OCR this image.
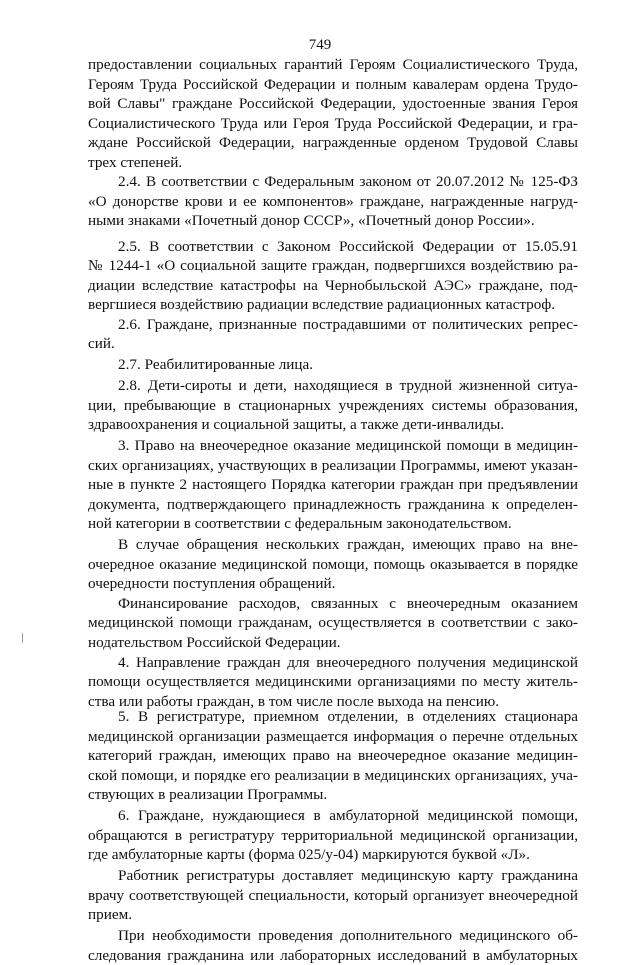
749

предоставлении социальных гарантий Героям Социалистического Труда,

Героям Труда Российской Федерации и полным кавалерам ордена Трудо-

вой Славы" граждане Российской Федерации, удостоенные звания Героя

Социалистического Труда или Героя Труда Российской Федерации, и гра-

ждане Российской Федерации, награжденные орденом Трудовой Славы

трех степеней.

2.4. В соответствии с Федеральным законом от 20.07.2012 № 125-ФЗ

«О донорстве крови и ее компонентов» граждане, награжденные нагруд-

ными знаками «Почетный донор СССР», «Почетный донор России».

2.5. В соответствии с Законом Российской Федерации от 15.05.91

№ 1244-1 «О социальной защите граждан, подвергшихся воздействию ра-

диации вследствие катастрофы на Чернобыльской АЭС» граждане, под-

вергшиеся воздействию радиации вследствие радиационных катастроф.

2.6. Граждане, признанные пострадавшими от политических репрес-

сий.

2.7. Реабилитированные лица.

2.8. Дети-сироты и дети, находящиеся в трудной жизненной ситуа-

ции, пребывающие в стационарных учреждениях системы образования,

здравоохранения и социальной защиты, а также дети-инвалиды.

3. Право на внеочередное оказание медицинской помощи в медицин-

ских организациях, участвующих в реализации Программы, имеют указан-

ные в пункте 2 настоящего Порядка категории граждан при предъявлении

документа, подтверждающего принадлежность гражданина к определен-

ной категории в соответствии с федеральным законодательством.

В случае обращения нескольких граждан, имеющих право на вне-

очередное оказание медицинской помощи, помощь оказывается в порядке

очередности поступления обращений.

Финансирование расходов, связанных с внеочередным оказанием

медицинской помощи гражданам, осуществляется в соответствии с зако-

нодательством Российской Федерации.

4. Направление граждан для внеочередного получения медицинской

помощи осуществляется медицинскими организациями по месту житель-

ства или работы граждан, в том числе после выхода на пенсию.

5. В регистратуре, приемном отделении, в отделениях стационара

медицинской организации размещается информация о перечне отдельных

категорий граждан, имеющих право на внеочередное оказание медицин-

ской помощи, и порядке его реализации в медицинских организациях, уча-

ствующих в реализации Программы.

6. Граждане, нуждающиеся в амбулаторной медицинской помощи,

обращаются в регистратуру территориальной медицинской организации,

где амбулаторные карты (форма 025/у-04) маркируются буквой «Л».

Работник регистратуры доставляет медицинскую карту гражданина

врачу соответствующей специальности, который организует внеочередной

прием.

При необходимости проведения дополнительного медицинского об-

следования гражданина или лабораторных исследований в амбулаторных
